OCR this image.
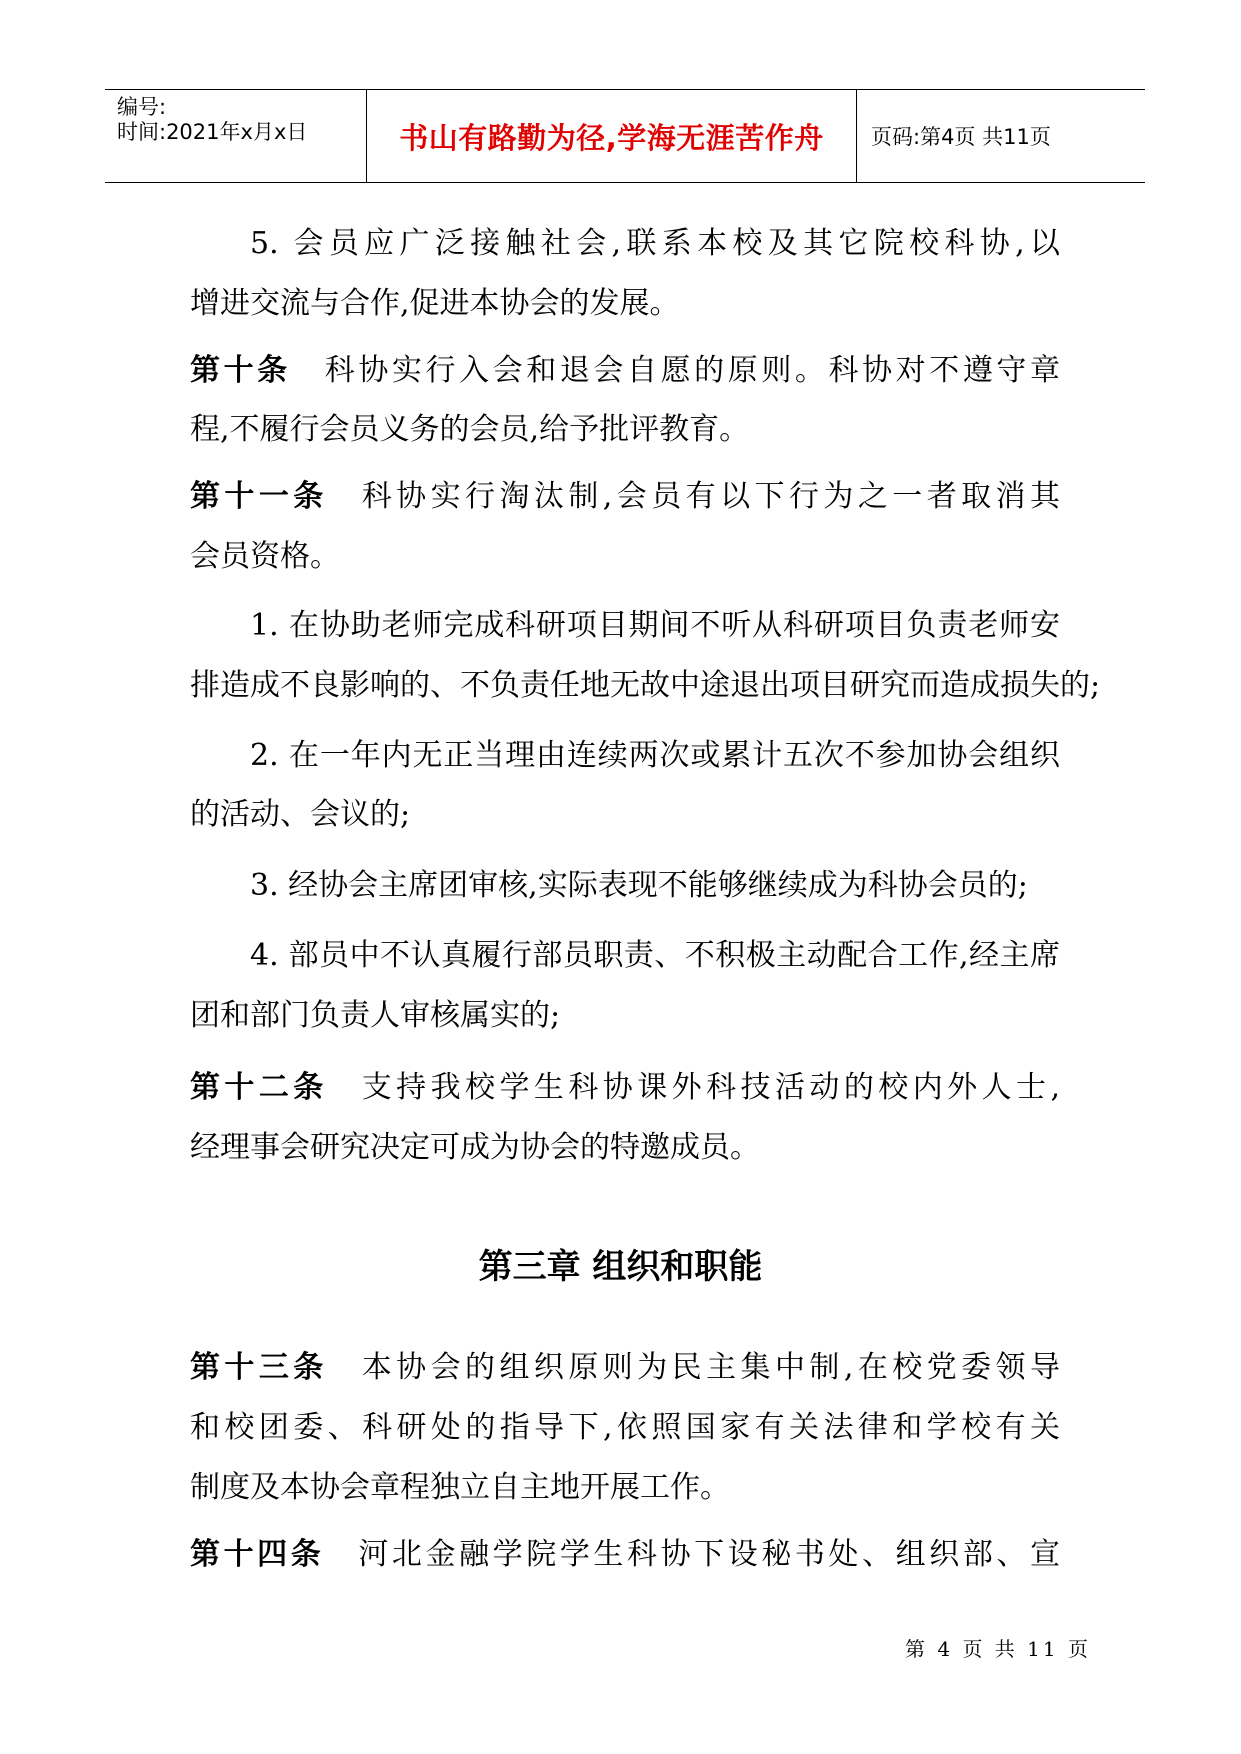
编号:
时间:2021年x月x日	书山有路勤为径,学海无涯苦作舟 页码:第4页 共11页
5. 会员应广泛接触社会,联系本校及其它院校科协,以
增进交流与合作,促进本协会的发展。
第十条 科协实行入会和退会自愿的原则。科协对不遵守章
程,不履行会员义务的会员,给予批评教育。
第十一条 科协实行淘汰制,会员有以下行为之一者取消其
会员资格。
1. 在协助老师完成科研项目期间不听从科研项目负责老师安
排造成不良影响的、不负责任地无故中途退出项目研究而造成损失的;
2. 在一年内无正当理由连续两次或累计五次不参加协会组织
的活动、会议的;
3. 经协会主席团审核,实际表现不能够继续成为科协会员的;
4. 部员中不认真履行部员职责、不积极主动配合工作,经主席
团和部门负责人审核属实的;
第十二条 支持我校学生科协课外科技活动的校内外人士,
经理事会研究决定可成为协会的特邀成员。
第三章 组织和职能
第十三条 本协会的组织原则为民主集中制,在校党委领导
和校团委、科研处的指导下,依照国家有关法律和学校有关
制度及本协会章程独立自主地开展工作。
第十四条 河北金融学院学生科协下设秘书处、组织部、宣
第 4 页 共 11 页
